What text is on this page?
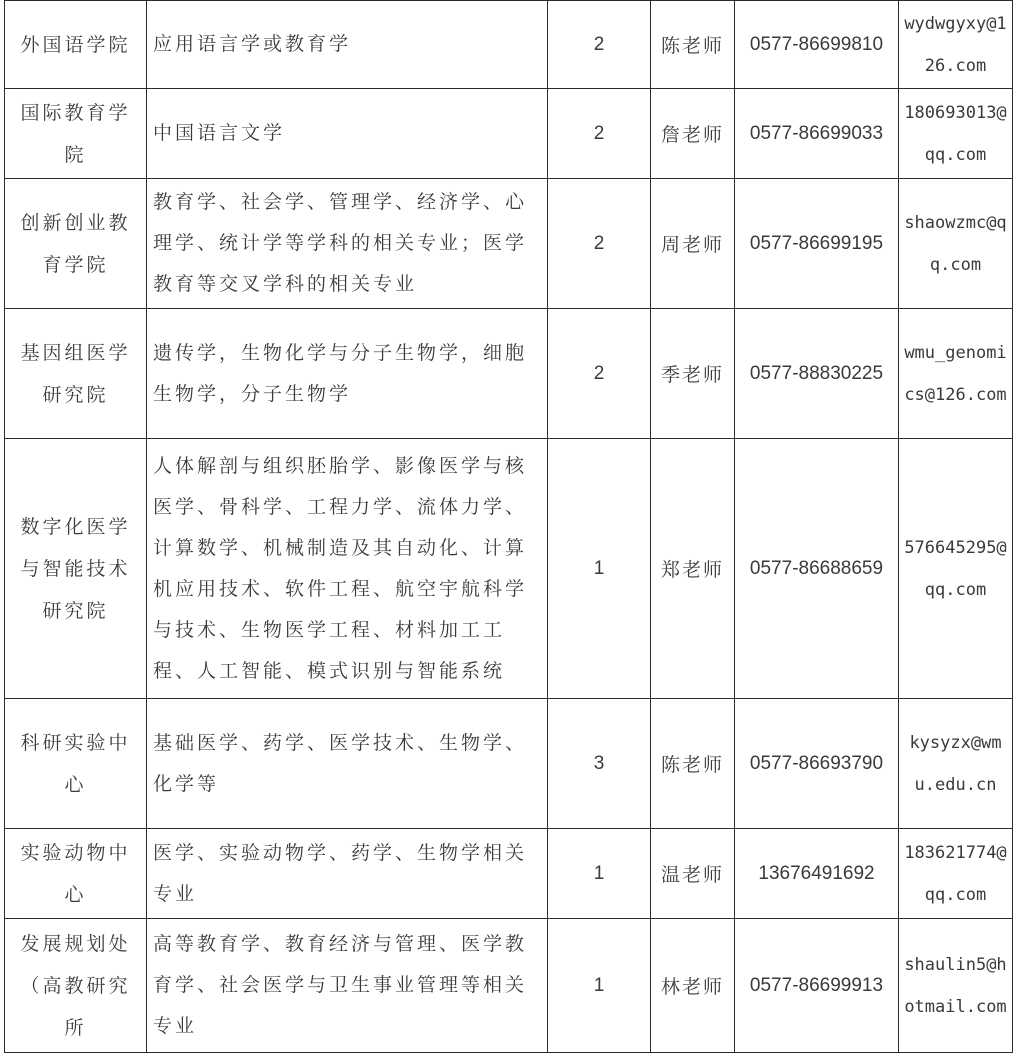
外国语学院	应用语言学或教育学	2	陈老师	0577-86699810	wydwgyxy@126.com
国际教育学院	中国语言文学	2	詹老师	0577-86699033	180693013@qq.com
创新创业教育学院	教育学、社会学、管理学、经济学、心理学、统计学等学科的相关专业；医学教育等交叉学科的相关专业	2	周老师	0577-86699195	shaowzmc@qq.com
基因组医学研究院	遗传学，生物化学与分子生物学，细胞生物学，分子生物学	2	季老师	0577-88830225	wmu_genomics@126.com
数字化医学与智能技术研究院	人体解剖与组织胚胎学、影像医学与核医学、骨科学、工程力学、流体力学、计算数学、机械制造及其自动化、计算机应用技术、软件工程、航空宇航科学与技术、生物医学工程、材料加工工程、人工智能、模式识别与智能系统	1	郑老师	0577-86688659	576645295@qq.com
科研实验中心	基础医学、药学、医学技术、生物学、化学等	3	陈老师	0577-86693790	kysyzx@wmu.edu.cn
实验动物中心	医学、实验动物学、药学、生物学相关专业	1	温老师	13676491692	183621774@qq.com
发展规划处（高教研究所	高等教育学、教育经济与管理、医学教育学、社会医学与卫生事业管理等相关专业	1	林老师	0577-86699913	shaulin5@hotmail.com
